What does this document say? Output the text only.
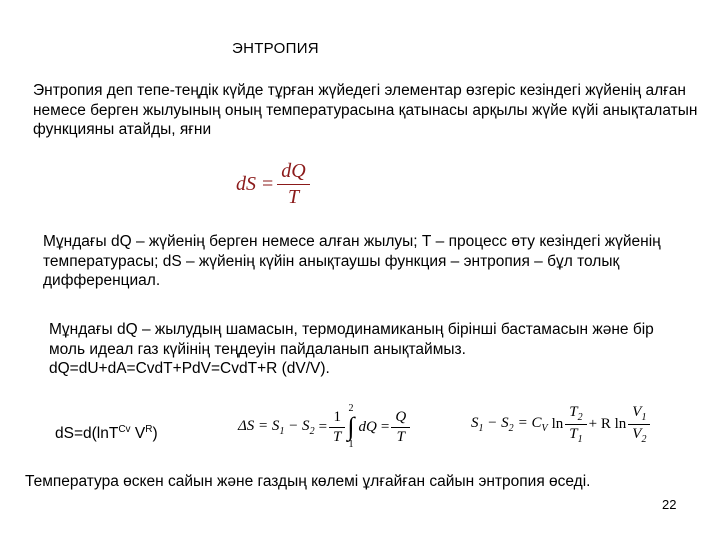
ЭНТРОПИЯ
Энтропия деп тепе-теңдік күйде тұрған жүйедегі элементар өзгеріс кезіндегі жүйенің алған немесе берген жылуының оның температурасына қатынасы арқылы жүйе күйі анықталатын функцияны атайды, яғни
dS = $\frac{dQ}{T}$
Мұндағы dQ – жүйенің берген немесе алған жылуы; Т – процесс өту кезіндегі жүйенің температурасы; dS – жүйенің күйін анықтаушы функция – энтропия – бұл толық дифференциал.
Мұндағы dQ – жылудың шамасын, термодинамиканың бірінші бастамасын және бір моль идеал газ күйінің теңдеуін пайдаланып анықтаймыз. dQ=dU+dA=CvdT+PdV=CvdT+R (dV/V).
dS=d(lnT$^{Cv}$ $V^R$)	$\Delta S = S_1 - S_2 = \frac{1}{T} 2$
∫
1
dQ = $\frac{Q}{T}$	$S_1 - S_2 = C_V$ $\ln \frac{T_2}{T_1} + R$ $\ln \frac{V_1}{V_2}$
Температура өскен сайын және газдың көлемі ұлғайған сайын энтропия өседі.
22
